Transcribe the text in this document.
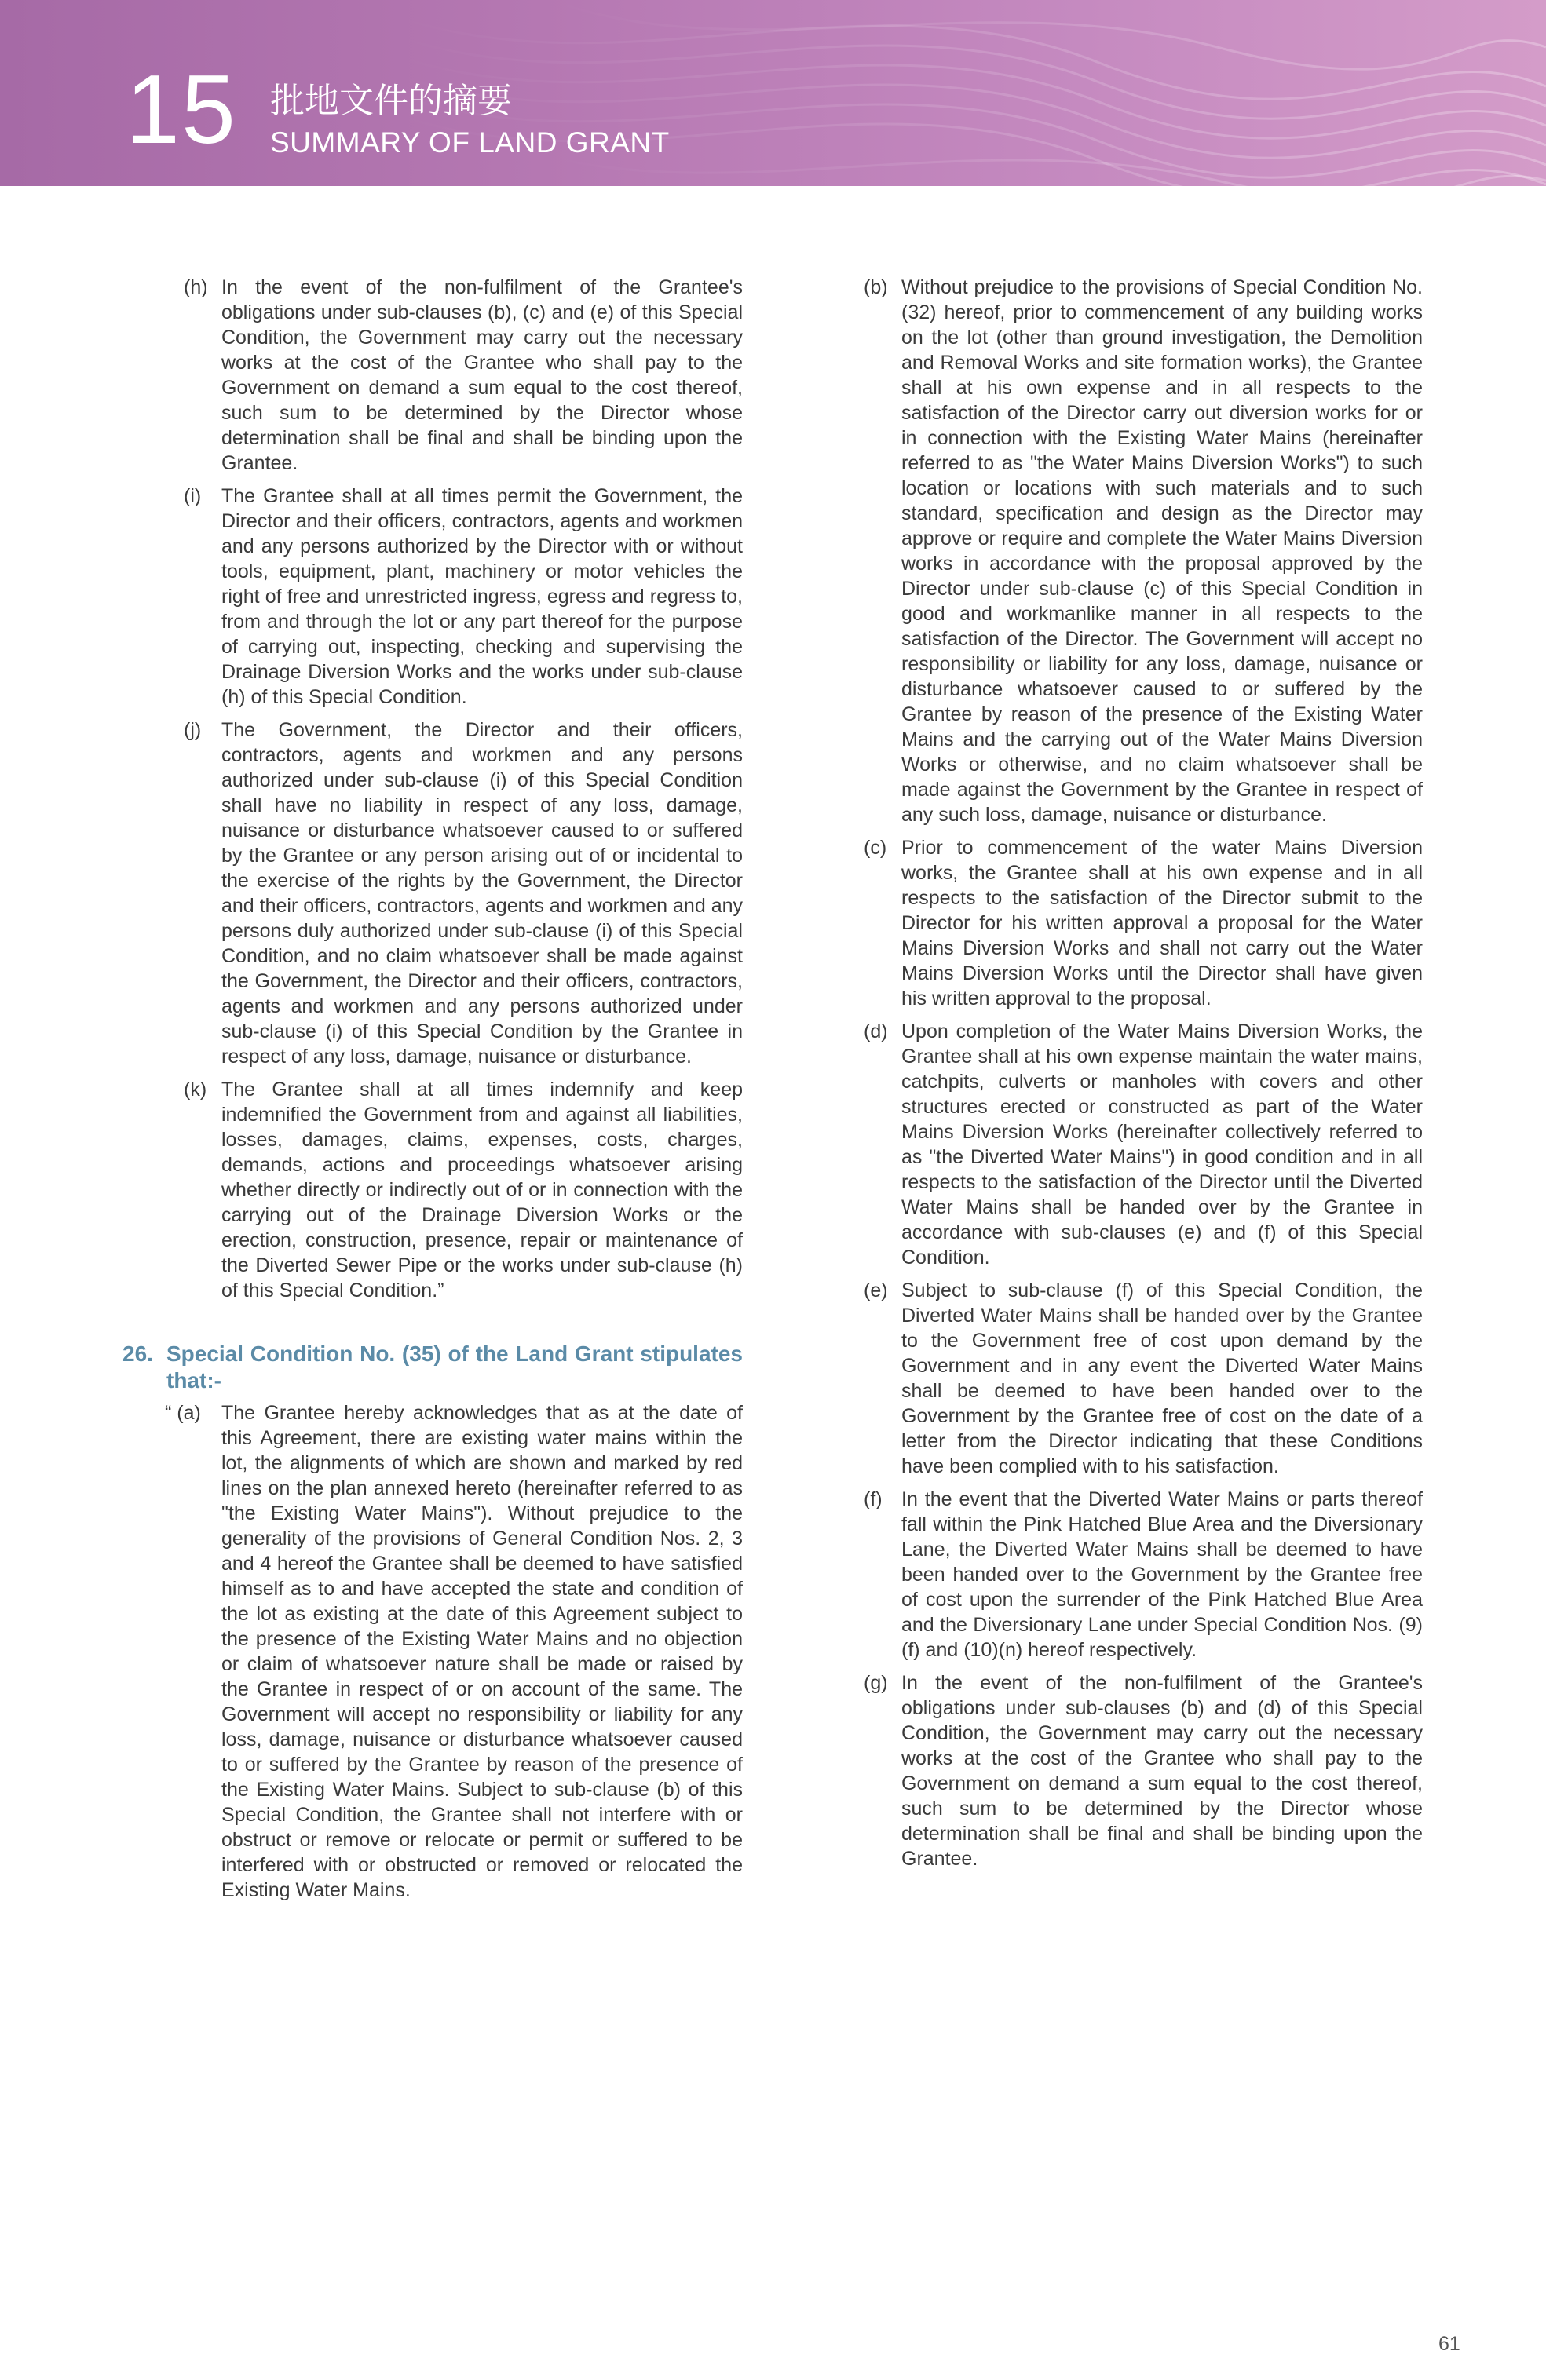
15 批地文件的摘要
SUMMARY OF LAND GRANT
(h) In the event of the non-fulfilment of the Grantee's obligations under sub-clauses (b), (c) and (e) of this Special Condition, the Government may carry out the necessary works at the cost of the Grantee who shall pay to the Government on demand a sum equal to the cost thereof, such sum to be determined by the Director whose determination shall be final and shall be binding upon the Grantee.
(i)	The Grantee shall at all times permit the Government, the Director and their officers, contractors, agents and workmen and any persons authorized by the Director with or without tools, equipment, plant, machinery or motor vehicles the right of free and unrestricted ingress, egress and regress to, from and through the lot or any part thereof for the purpose of carrying out, inspecting, checking and supervising the Drainage Diversion Works and the works under sub-clause (h) of this Special Condition.
(j)	The Government, the Director and their officers, contractors, agents and workmen and any persons authorized under sub-clause (i) of this Special Condition shall have no liability in respect of any loss, damage, nuisance or disturbance whatsoever caused to or suffered by the Grantee or any person arising out of or incidental to the exercise of the rights by the Government, the Director and their officers, contractors, agents and workmen and any persons duly authorized under sub-clause (i) of this Special Condition, and no claim whatsoever shall be made against the Government, the Director and their officers, contractors, agents and workmen and any persons authorized under sub-clause (i) of this Special Condition by the Grantee in respect of any loss, damage, nuisance or disturbance.
(k) The Grantee shall at all times indemnify and keep indemnified the Government from and against all liabilities, losses, damages, claims, expenses, costs, charges, demands, actions and proceedings whatsoever arising whether directly or indirectly out of or in connection with the carrying out of the Drainage Diversion Works or the erection, construction, presence, repair or maintenance of the Diverted Sewer Pipe or the works under sub-clause (h) of this Special Condition.”
26. Special Condition No. (35) of the Land Grant stipulates that:-
“ (a)	The Grantee hereby acknowledges that as at the date of this Agreement, there are existing water mains within the lot, the alignments of which are shown and marked by red lines on the plan annexed hereto (hereinafter referred to as "the Existing Water Mains"). Without prejudice to the generality of the provisions of General Condition Nos. 2, 3 and 4 hereof the Grantee shall be deemed to have satisfied himself as to and have accepted the state and condition of the lot as existing at the date of this Agreement subject to the presence of the Existing Water Mains and no objection or claim of whatsoever nature shall be made or raised by the Grantee in respect of or on account of the same. The Government will accept no responsibility or liability for any loss, damage, nuisance or disturbance whatsoever caused to or suffered by the Grantee by reason of the presence of the Existing Water Mains. Subject to sub-clause (b) of this Special Condition, the Grantee shall not interfere with or obstruct or remove or relocate or permit or suffered to be interfered with or obstructed or removed or relocated the Existing Water Mains.
(b) Without prejudice to the provisions of Special Condition No. (32) hereof, prior to commencement of any building works on the lot (other than ground investigation, the Demolition and Removal Works and site formation works), the Grantee shall at his own expense and in all respects to the satisfaction of the Director carry out diversion works for or in connection with the Existing Water Mains (hereinafter referred to as "the Water Mains Diversion Works") to such location or locations with such materials and to such standard, specification and design as the Director may approve or require and complete the Water Mains Diversion works in accordance with the proposal approved by the Director under sub-clause (c) of this Special Condition in good and workmanlike manner in all respects to the satisfaction of the Director. The Government will accept no responsibility or liability for any loss, damage, nuisance or disturbance whatsoever caused to or suffered by the Grantee by reason of the presence of the Existing Water Mains and the carrying out of the Water Mains Diversion Works or otherwise, and no claim whatsoever shall be made against the Government by the Grantee in respect of any such loss, damage, nuisance or disturbance.
(c) Prior to commencement of the water Mains Diversion works, the Grantee shall at his own expense and in all respects to the satisfaction of the Director submit to the Director for his written approval a proposal for the Water Mains Diversion Works and shall not carry out the Water Mains Diversion Works until the Director shall have given his written approval to the proposal.
(d) Upon completion of the Water Mains Diversion Works, the Grantee shall at his own expense maintain the water mains, catchpits, culverts or manholes with covers and other structures erected or constructed as part of the Water Mains Diversion Works (hereinafter collectively referred to as "the Diverted Water Mains") in good condition and in all respects to the satisfaction of the Director until the Diverted Water Mains shall be handed over by the Grantee in accordance with sub-clauses (e) and (f) of this Special Condition.
(e) Subject to sub-clause (f) of this Special Condition, the Diverted Water Mains shall be handed over by the Grantee to the Government free of cost upon demand by the Government and in any event the Diverted Water Mains shall be deemed to have been handed over to the Government by the Grantee free of cost on the date of a letter from the Director indicating that these Conditions have been complied with to his satisfaction.
(f) In the event that the Diverted Water Mains or parts thereof fall within the Pink Hatched Blue Area and the Diversionary Lane, the Diverted Water Mains shall be deemed to have been handed over to the Government by the Grantee free of cost upon the surrender of the Pink Hatched Blue Area and the Diversionary Lane under Special Condition Nos. (9)(f) and (10)(n) hereof respectively.
(g) In the event of the non-fulfilment of the Grantee's obligations under sub-clauses (b) and (d) of this Special Condition, the Government may carry out the necessary works at the cost of the Grantee who shall pay to the Government on demand a sum equal to the cost thereof, such sum to be determined by the Director whose determination shall be final and shall be binding upon the Grantee.
61
